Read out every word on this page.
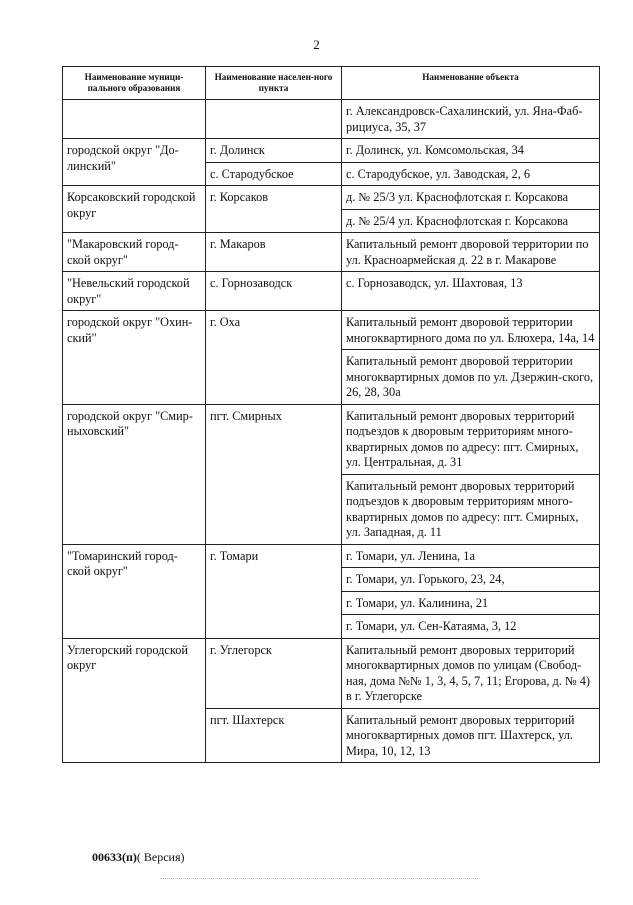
2
Наименование муници-пального образования	Наименование населен-ного пункта	Наименование объекта
		г. Александровск-Сахалинский, ул. Яна-Фаб-рициуса, 35, 37
городской округ "До-линский"	г. Долинск	г. Долинск, ул. Комсомольская, 34
	с. Стародубское	с. Стародубское, ул. Заводская, 2, 6
Корсаковский городской округ	г. Корсаков	д. № 25/3 ул. Краснофлотская г. Корсакова
		д. № 25/4 ул. Краснофлотская г. Корсакова
"Макаровский город-ской округ"	г. Макаров	Капитальный ремонт дворовой территории по ул. Красноармейская д. 22 в г. Макарове
"Невельский городской округ"	с. Горнозаводск	с. Горнозаводск, ул. Шахтовая, 13
городской округ "Охин-ский"	г. Оха	Капитальный ремонт дворовой территории многоквартирного дома по ул. Блюхера, 14а, 14
		Капитальный ремонт дворовой территории многоквартирных домов по ул. Дзержин-ского, 26, 28, 30а
городской округ "Смир-ныховский"	пгт. Смирных	Капитальный ремонт дворовых территорий подъездов к дворовым территориям много-квартирных домов по адресу: пгт. Смирных, ул. Центральная, д. 31
		Капитальный ремонт дворовых территорий подъездов к дворовым территориям много-квартирных домов по адресу: пгт. Смирных, ул. Западная, д. 11
"Томаринский город-ской округ"	г. Томари	г. Томари, ул. Ленина, 1а
		г. Томари, ул. Горького, 23, 24,
		г. Томари, ул. Калинина, 21
		г. Томари, ул. Сен-Катаяма, 3, 12
Углегорский городской округ	г. Углегорск	Капитальный ремонт дворовых территорий многоквартирных домов по улицам (Свобод-ная, дома №№ 1, 3, 4, 5, 7, 11; Егорова, д. № 4) в г. Углегорске
	пгт. Шахтерск	Капитальный ремонт дворовых территорий многоквартирных домов пгт. Шахтерск, ул. Мира, 10, 12, 13
00633(п)( Версия)
